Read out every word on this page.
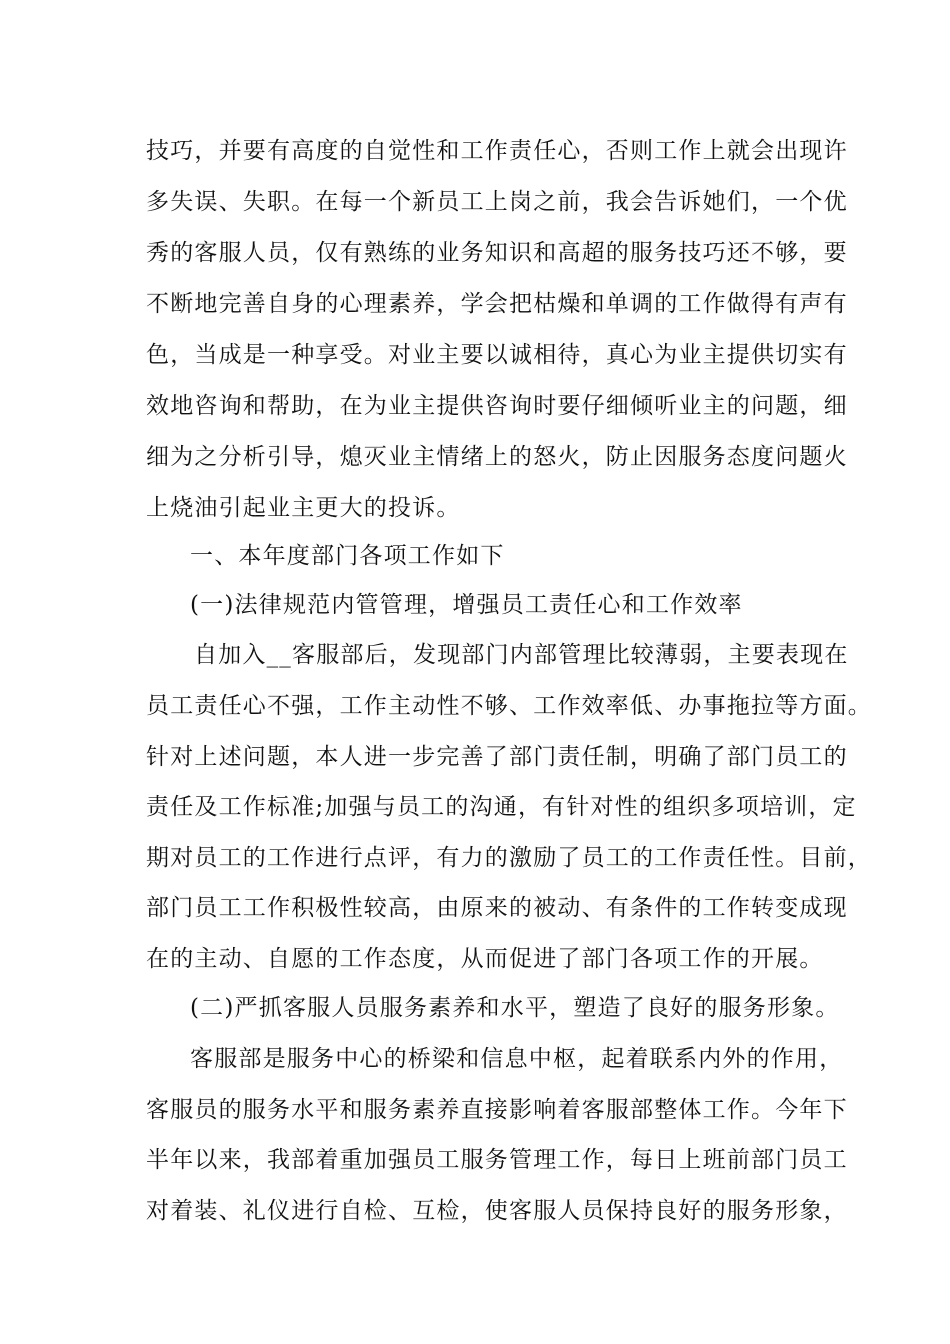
技巧，并要有高度的自觉性和工作责任心，否则工作上就会出现许
多失误、失职。在每一个新员工上岗之前，我会告诉她们，一个优
秀的客服人员，仅有熟练的业务知识和高超的服务技巧还不够，要
不断地完善自身的心理素养，学会把枯燥和单调的工作做得有声有
色，当成是一种享受。对业主要以诚相待，真心为业主提供切实有
效地咨询和帮助，在为业主提供咨询时要仔细倾听业主的问题，细
细为之分析引导，熄灭业主情绪上的怒火，防止因服务态度问题火
上烧油引起业主更大的投诉。
一、本年度部门各项工作如下
(一)法律规范内管管理，增强员工责任心和工作效率
自加入__客服部后，发现部门内部管理比较薄弱，主要表现在
员工责任心不强，工作主动性不够、工作效率低、办事拖拉等方面。
针对上述问题，本人进一步完善了部门责任制，明确了部门员工的
责任及工作标准;加强与员工的沟通，有针对性的组织多项培训，定
期对员工的工作进行点评，有力的激励了员工的工作责任性。目前，
部门员工工作积极性较高，由原来的被动、有条件的工作转变成现
在的主动、自愿的工作态度，从而促进了部门各项工作的开展。
(二)严抓客服人员服务素养和水平，塑造了良好的服务形象。
客服部是服务中心的桥梁和信息中枢，起着联系内外的作用，
客服员的服务水平和服务素养直接影响着客服部整体工作。今年下
半年以来，我部着重加强员工服务管理工作，每日上班前部门员工
对着装、礼仪进行自检、互检，使客服人员保持良好的服务形象，
